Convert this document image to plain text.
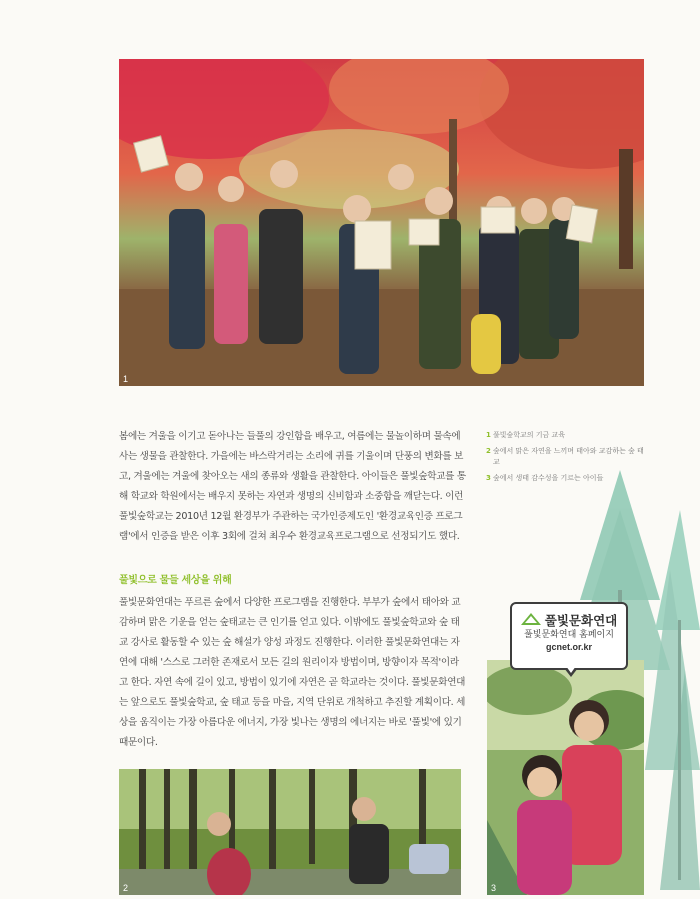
1

봄에는 겨울을 이기고 돋아나는 들풀의 강인함을 배우고, 여름에는 물놀이하며 물속에 사는 생물을 관찰한다. 가을에는 바스락거리는 소리에 귀를 기울이며 단풍의 변화를 보고, 겨울에는 겨울에 찾아오는 새의 종류와 생활을 관찰한다. 아이들은 풀빛숲학교를 통해 학교와 학원에서는 배우지 못하는 자연과 생명의 신비함과 소중함을 깨닫는다. 이런 풀빛숲학교는 2010년 12월 환경부가 주관하는 국가인증제도인 '환경교육인증 프로그램'에서 인증을 받은 이후 3회에 걸쳐 최우수 환경교육프로그램으로 선정되기도 했다.

풀빛으로 물들 세상을 위해

풀빛문화연대는 푸르른 숲에서 다양한 프로그램을 진행한다. 부부가 숲에서 태아와 교감하며 맑은 기운을 얻는 숲태교는 큰 인기를 얻고 있다. 이밖에도 풀빛숲학교와 숲 태교 강사로 활동할 수 있는 숲 해설가 양성 과정도 진행한다. 이러한 풀빛문화연대는 자연에 대해 '스스로 그러한 존재로서 모든 길의 원리이자 방법이며, 방향이자 목적'이라고 한다. 자연 속에 길이 있고, 방법이 있기에 자연은 곧 학교라는 것이다. 풀빛문화연대는 앞으로도 풀빛숲학교, 숲 태교 등을 마을, 지역 단위로 개척하고 추진할 계획이다. 세상을 움직이는 가장 아름다운 에너지, 가장 빛나는 생명의 에너지는 바로 '풀빛'에 있기 때문이다.

1 풀빛숲학교의 기금 교육
2 숲에서 맑은 자연을 느끼며 태아와 교감하는 숲 태교
3 숲에서 생태 감수성을 기르는 아이들
2	3
풀빛문화연대
풀빛문화연대 홈페이지
gcnet.or.kr
